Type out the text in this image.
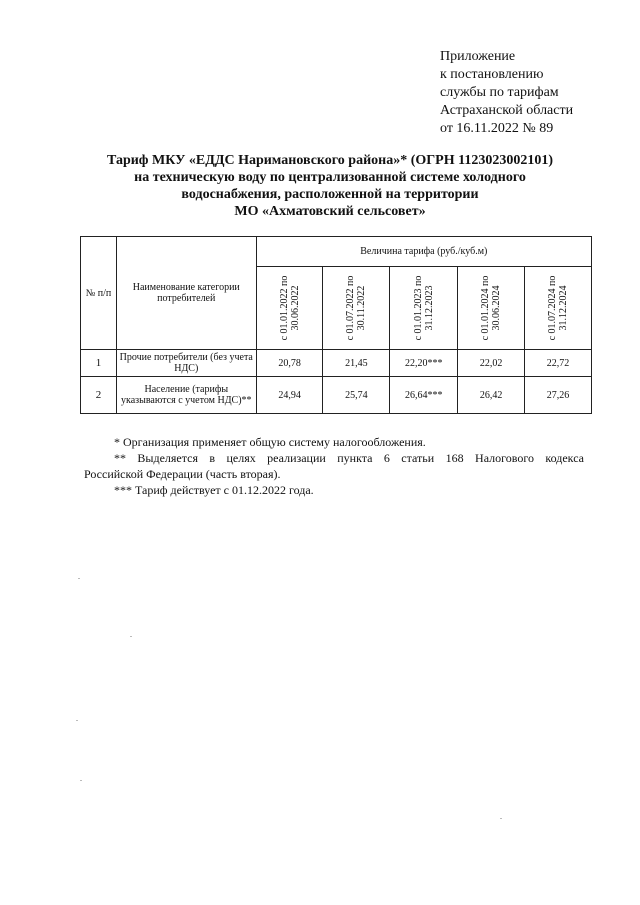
Приложение
к постановлению
службы по тарифам
Астраханской области
от 16.11.2022 № 89
Тариф МКУ «ЕДДС Наримановского района»* (ОГРН 1123023002101)
на техническую воду по централизованной системе холодного
водоснабжения, расположенной на территории
МО «Ахматовский сельсовет»
№ п/п	Наименование категории потребителей	Величина тарифа (руб./куб.м)				

		с 01.01.2022 по 30.06.2022	с 01.07.2022 по 30.11.2022	с 01.01.2023 по 31.12.2023	с 01.01.2024 по 30.06.2024	с 01.07.2024 по 31.12.2024

1	Прочие потребители (без учета НДС)	20,78	21,45	22,20***	22,02	22,72
2	Население (тарифы указываются с учетом НДС)**	24,94	25,74	26,64***	26,42	27,26
* Организация применяет общую систему налогообложения.
** Выделяется в целях реализации пункта 6 статьи 168 Налогового кодекса
Российской Федерации (часть вторая).
*** Тариф действует с 01.12.2022 года.
